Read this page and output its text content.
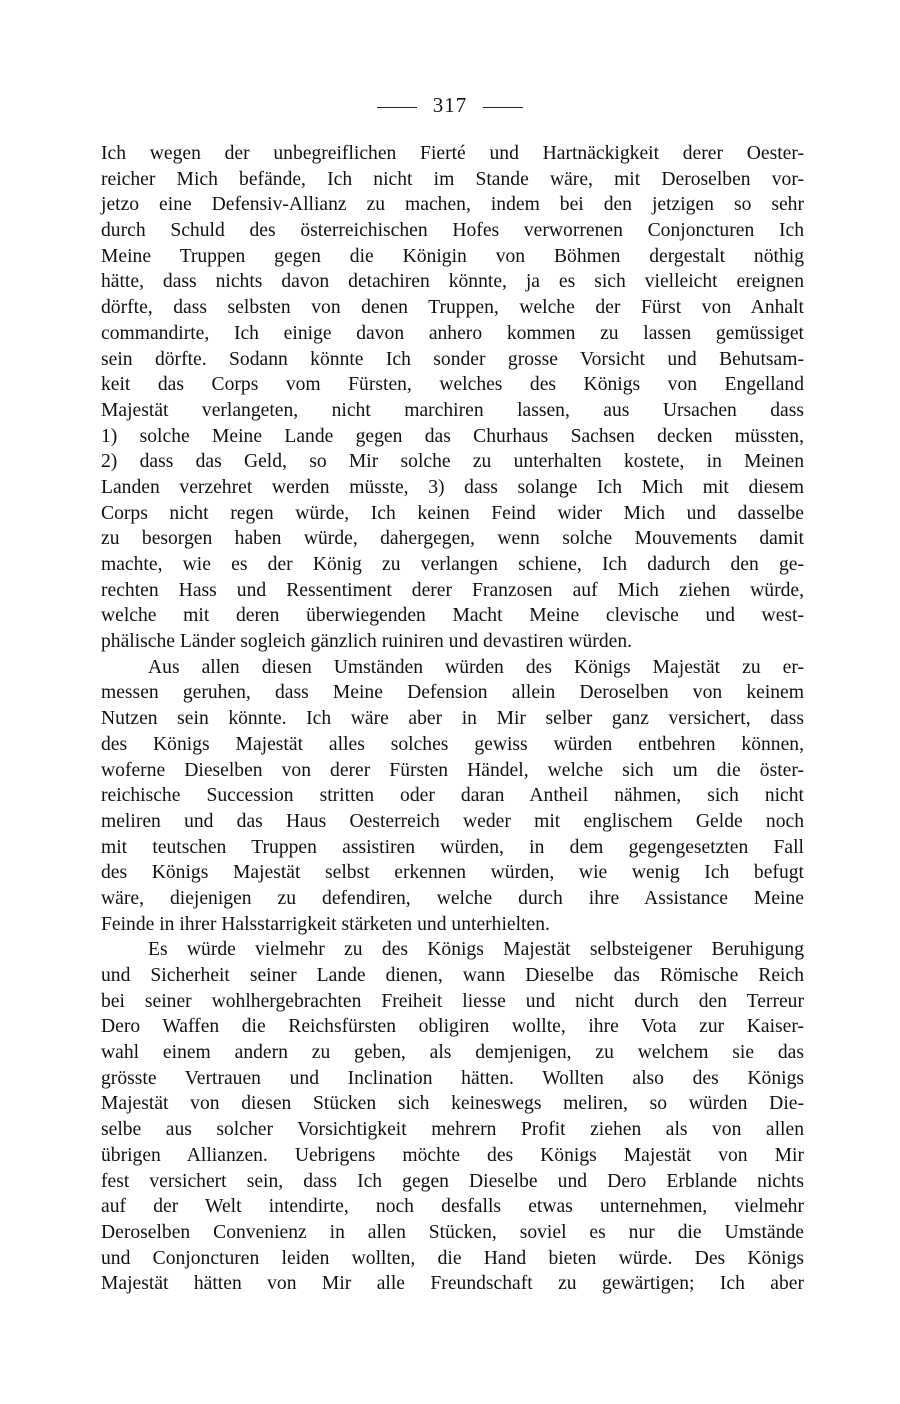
317
Ich wegen der unbegreiflichen Fierté und Hartnäckigkeit derer Oester-
reicher Mich befände, Ich nicht im Stande wäre, mit Deroselben vor-
jetzo eine Defensiv-Allianz zu machen, indem bei den jetzigen so sehr
durch Schuld des österreichischen Hofes verworrenen Conjoncturen Ich
Meine Truppen gegen die Königin von Böhmen dergestalt nöthig
hätte, dass nichts davon detachiren könnte, ja es sich vielleicht ereignen
dörfte, dass selbsten von denen Truppen, welche der Fürst von Anhalt
commandirte, Ich einige davon anhero kommen zu lassen gemüssiget
sein dörfte. Sodann könnte Ich sonder grosse Vorsicht und Behutsam-
keit das Corps vom Fürsten, welches des Königs von Engelland
Majestät verlangeten, nicht marchiren lassen, aus Ursachen dass
1) solche Meine Lande gegen das Churhaus Sachsen decken müssten,
2) dass das Geld, so Mir solche zu unterhalten kostete, in Meinen
Landen verzehret werden müsste, 3) dass solange Ich Mich mit diesem
Corps nicht regen würde, Ich keinen Feind wider Mich und dasselbe
zu besorgen haben würde, dahergegen, wenn solche Mouvements damit
machte, wie es der König zu verlangen schiene, Ich dadurch den ge-
rechten Hass und Ressentiment derer Franzosen auf Mich ziehen würde,
welche mit deren überwiegenden Macht Meine clevische und west-
phälische Länder sogleich gänzlich ruiniren und devastiren würden.
Aus allen diesen Umständen würden des Königs Majestät zu er-
messen geruhen, dass Meine Defension allein Deroselben von keinem
Nutzen sein könnte. Ich wäre aber in Mir selber ganz versichert, dass
des Königs Majestät alles solches gewiss würden entbehren können,
woferne Dieselben von derer Fürsten Händel, welche sich um die öster-
reichische Succession stritten oder daran Antheil nähmen, sich nicht
meliren und das Haus Oesterreich weder mit englischem Gelde noch
mit teutschen Truppen assistiren würden, in dem gegengesetzten Fall
des Königs Majestät selbst erkennen würden, wie wenig Ich befugt
wäre, diejenigen zu defendiren, welche durch ihre Assistance Meine
Feinde in ihrer Halsstarrigkeit stärketen und unterhielten.
Es würde vielmehr zu des Königs Majestät selbsteigener Beruhigung
und Sicherheit seiner Lande dienen, wann Dieselbe das Römische Reich
bei seiner wohlhergebrachten Freiheit liesse und nicht durch den Terreur
Dero Waffen die Reichsfürsten obligiren wollte, ihre Vota zur Kaiser-
wahl einem andern zu geben, als demjenigen, zu welchem sie das
grösste Vertrauen und Inclination hätten. Wollten also des Königs
Majestät von diesen Stücken sich keineswegs meliren, so würden Die-
selbe aus solcher Vorsichtigkeit mehrern Profit ziehen als von allen
übrigen Allianzen. Uebrigens möchte des Königs Majestät von Mir
fest versichert sein, dass Ich gegen Dieselbe und Dero Erblande nichts
auf der Welt intendirte, noch desfalls etwas unternehmen, vielmehr
Deroselben Convenienz in allen Stücken, soviel es nur die Umstände
und Conjoncturen leiden wollten, die Hand bieten würde. Des Königs
Majestät hätten von Mir alle Freundschaft zu gewärtigen; Ich aber
